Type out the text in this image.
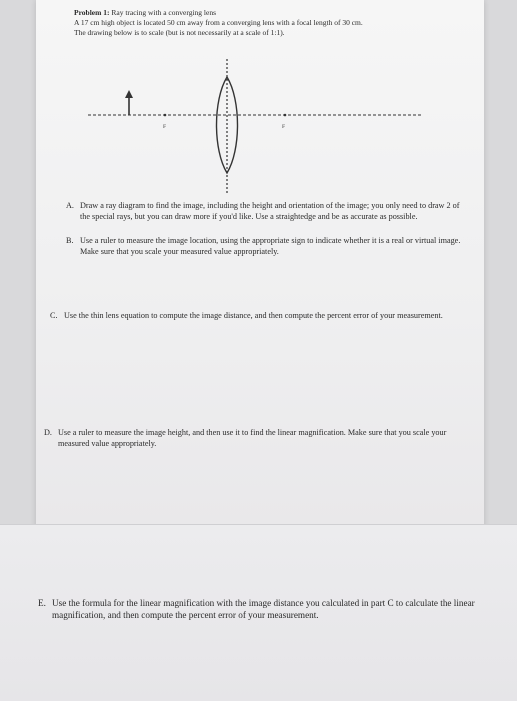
Problem 1: Ray tracing with a converging lens
A 17 cm high object is located 50 cm away from a converging lens with a focal length of 30 cm.
The drawing below is to scale (but is not necessarily at a scale of 1:1).
F	F
A. Draw a ray diagram to find the image, including the height and orientation of the image; you only need to draw 2 of the special rays, but you can draw more if you'd like. Use a straightedge and be as accurate as possible.
B. Use a ruler to measure the image location, using the appropriate sign to indicate whether it is a real or virtual image. Make sure that you scale your measured value appropriately.
C. Use the thin lens equation to compute the image distance, and then compute the percent error of your measurement.
D. Use a ruler to measure the image height, and then use it to find the linear magnification. Make sure that you scale your measured value appropriately.
E. Use the formula for the linear magnification with the image distance you calculated in part C to calculate the linear magnification, and then compute the percent error of your measurement.
